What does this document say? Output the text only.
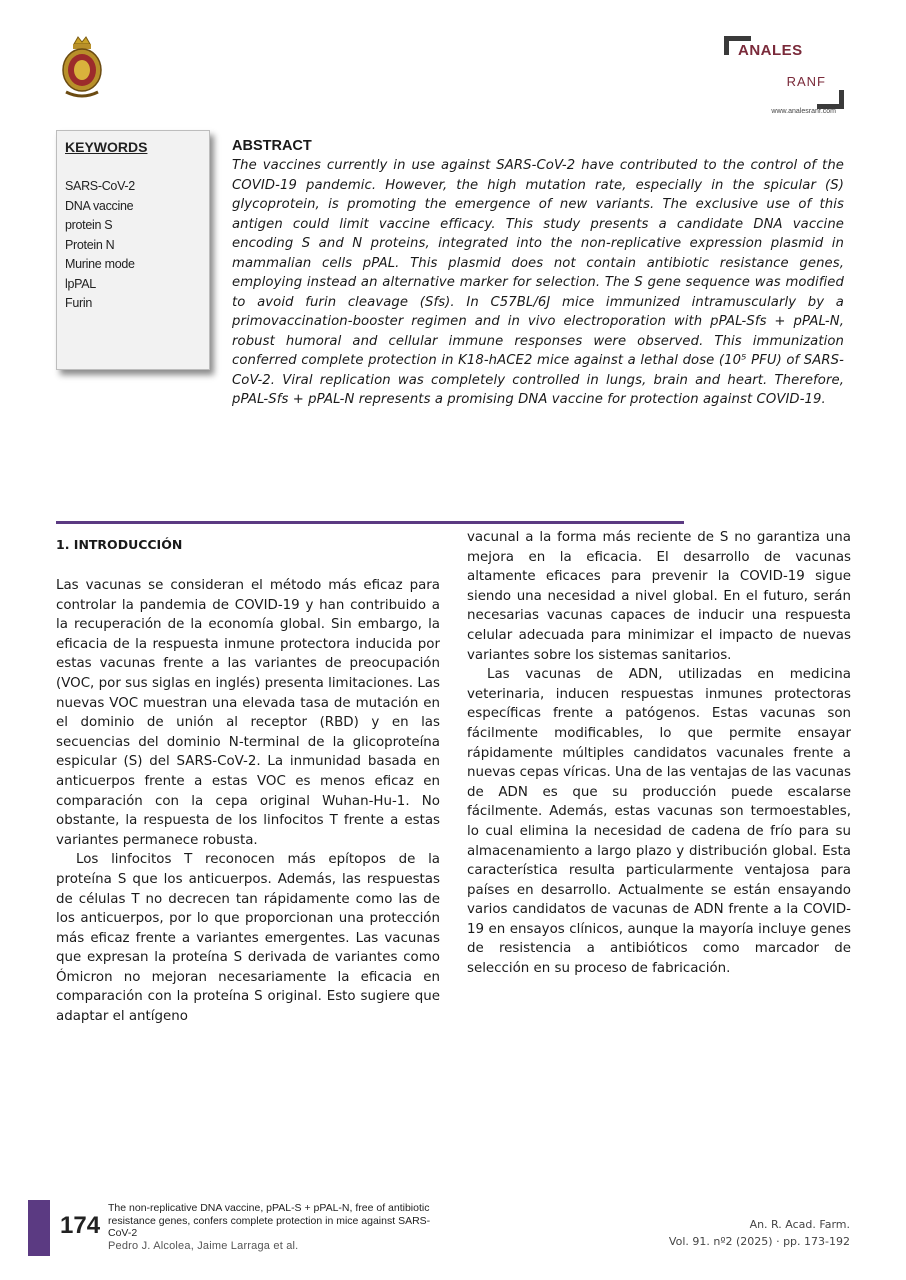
ANALES
RANF
www.analesranf.com
KEYWORDS
SARS-CoV-2
DNA vaccine
protein S
Protein N
Murine mode
lpPAL
Furin
ABSTRACT

The vaccines currently in use against SARS-CoV-2 have contributed to the control of the COVID-19 pandemic. However, the high mutation rate, especially in the spicular (S) glycoprotein, is promoting the emergence of new variants. The exclusive use of this antigen could limit vaccine efficacy. This study presents a candidate DNA vaccine encoding S and N proteins, integrated into the non-replicative expression plasmid in mammalian cells pPAL. This plasmid does not contain antibiotic resistance genes, employing instead an alternative marker for selection. The S gene sequence was modified to avoid furin cleavage (Sfs). In C57BL/6J mice immunized intramuscularly by a primovaccination-booster regimen and in vivo electroporation with pPAL-Sfs + pPAL-N, robust humoral and cellular immune responses were observed. This immunization conferred complete protection in K18-hACE2 mice against a lethal dose (10⁵ PFU) of SARS-CoV-2. Viral replication was completely controlled in lungs, brain and heart. Therefore, pPAL-Sfs + pPAL-N represents a promising DNA vaccine for protection against COVID-19.

1. INTRODUCCIÓN

Las vacunas se consideran el método más eficaz para controlar la pandemia de COVID-19 y han contribuido a la recuperación de la economía global. Sin embargo, la eficacia de la respuesta inmune protectora inducida por estas vacunas frente a las variantes de preocupación (VOC, por sus siglas en inglés) presenta limitaciones. Las nuevas VOC muestran una elevada tasa de mutación en el dominio de unión al receptor (RBD) y en las secuencias del dominio N-terminal de la glicoproteína espicular (S) del SARS-CoV-2. La inmunidad basada en anticuerpos frente a estas VOC es menos eficaz en comparación con la cepa original Wuhan-Hu-1. No obstante, la respuesta de los linfocitos T frente a estas variantes permanece robusta.

Los linfocitos T reconocen más epítopos de la proteína S que los anticuerpos. Además, las respuestas de células T no decrecen tan rápidamente como las de los anticuerpos, por lo que proporcionan una protección más eficaz frente a variantes emergentes. Las vacunas que expresan la proteína S derivada de variantes como Ómicron no mejoran necesariamente la eficacia en comparación con la proteína S original. Esto sugiere que adaptar el antígeno

vacunal a la forma más reciente de S no garantiza una mejora en la eficacia. El desarrollo de vacunas altamente eficaces para prevenir la COVID-19 sigue siendo una necesidad a nivel global. En el futuro, serán necesarias vacunas capaces de inducir una respuesta celular adecuada para minimizar el impacto de nuevas variantes sobre los sistemas sanitarios.

Las vacunas de ADN, utilizadas en medicina veterinaria, inducen respuestas inmunes protectoras específicas frente a patógenos. Estas vacunas son fácilmente modificables, lo que permite ensayar rápidamente múltiples candidatos vacunales frente a nuevas cepas víricas. Una de las ventajas de las vacunas de ADN es que su producción puede escalarse fácilmente. Además, estas vacunas son termoestables, lo cual elimina la necesidad de cadena de frío para su almacenamiento a largo plazo y distribución global. Esta característica resulta particularmente ventajosa para países en desarrollo. Actualmente se están ensayando varios candidatos de vacunas de ADN frente a la COVID-19 en ensayos clínicos, aunque la mayoría incluye genes de resistencia a antibióticos como marcador de selección en su proceso de fabricación.

174
The non-replicative DNA vaccine, pPAL-S + pPAL-N, free of antibiotic resistance genes, confers complete protection in mice against SARS-CoV-2
Pedro J. Alcolea, Jaime Larraga et al.
An. R. Acad. Farm.
Vol. 91. nº2 (2025) · pp. 173-192
